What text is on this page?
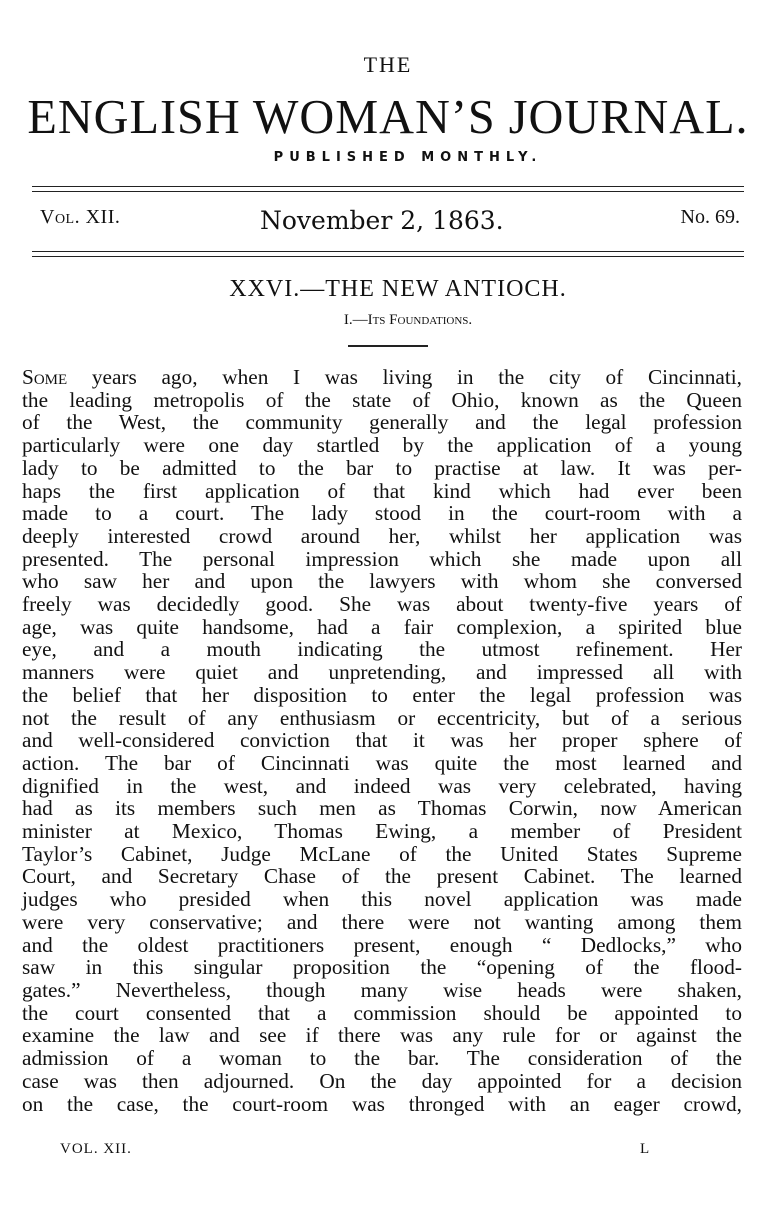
THE
ENGLISH WOMAN’S JOURNAL.
PUBLISHED MONTHLY.
Vol. XII.	November 2, 1863.	No. 69.
XXVI.—THE NEW ANTIOCH.
I.—Its Foundations.
Some years ago, when I was living in the city of Cincinnati,
the leading metropolis of the state of Ohio, known as the Queen
of the West, the community generally and the legal profession
particularly were one day startled by the application of a young
lady to be admitted to the bar to practise at law. It was per-
haps the first application of that kind which had ever been
made to a court. The lady stood in the court-room with a
deeply interested crowd around her, whilst her application was
presented. The personal impression which she made upon all
who saw her and upon the lawyers with whom she conversed
freely was decidedly good. She was about twenty-five years of
age, was quite handsome, had a fair complexion, a spirited blue
eye, and a mouth indicating the utmost refinement. Her
manners were quiet and unpretending, and impressed all with
the belief that her disposition to enter the legal profession was
not the result of any enthusiasm or eccentricity, but of a serious
and well-considered conviction that it was her proper sphere of
action. The bar of Cincinnati was quite the most learned and
dignified in the west, and indeed was very celebrated, having
had as its members such men as Thomas Corwin, now American
minister at Mexico, Thomas Ewing, a member of President
Taylor’s Cabinet, Judge McLane of the United States Supreme
Court, and Secretary Chase of the present Cabinet. The learned
judges who presided when this novel application was made
were very conservative; and there were not wanting among them
and the oldest practitioners present, enough “ Dedlocks,” who
saw in this singular proposition the “opening of the flood-
gates.” Nevertheless, though many wise heads were shaken,
the court consented that a commission should be appointed to
examine the law and see if there was any rule for or against the
admission of a woman to the bar. The consideration of the
case was then adjourned. On the day appointed for a decision
on the case, the court-room was thronged with an eager crowd,
VOL. XII.	L
